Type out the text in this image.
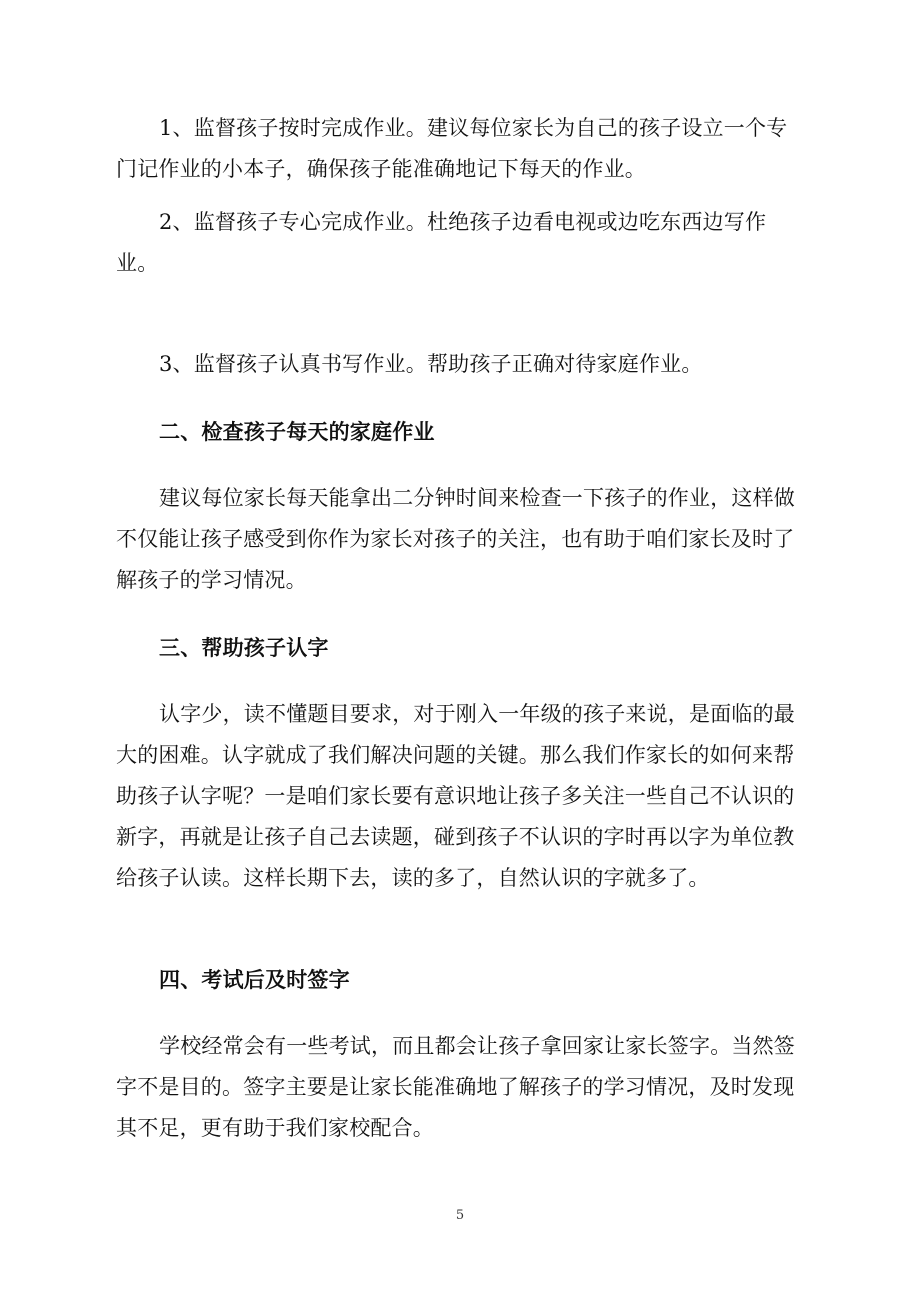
1、监督孩子按时完成作业。建议每位家长为自己的孩子设立一个专门记作业的小本子，确保孩子能准确地记下每天的作业。

2、监督孩子专心完成作业。杜绝孩子边看电视或边吃东西边写作业。

3、监督孩子认真书写作业。帮助孩子正确对待家庭作业。

二、检查孩子每天的家庭作业

建议每位家长每天能拿出二分钟时间来检查一下孩子的作业，这样做不仅能让孩子感受到你作为家长对孩子的关注，也有助于咱们家长及时了解孩子的学习情况。

三、帮助孩子认字

认字少，读不懂题目要求，对于刚入一年级的孩子来说，是面临的最大的困难。认字就成了我们解决问题的关键。那么我们作家长的如何来帮助孩子认字呢？一是咱们家长要有意识地让孩子多关注一些自己不认识的新字，再就是让孩子自己去读题，碰到孩子不认识的字时再以字为单位教给孩子认读。这样长期下去，读的多了，自然认识的字就多了。

四、考试后及时签字

学校经常会有一些考试，而且都会让孩子拿回家让家长签字。当然签字不是目的。签字主要是让家长能准确地了解孩子的学习情况，及时发现其不足，更有助于我们家校配合。

5
